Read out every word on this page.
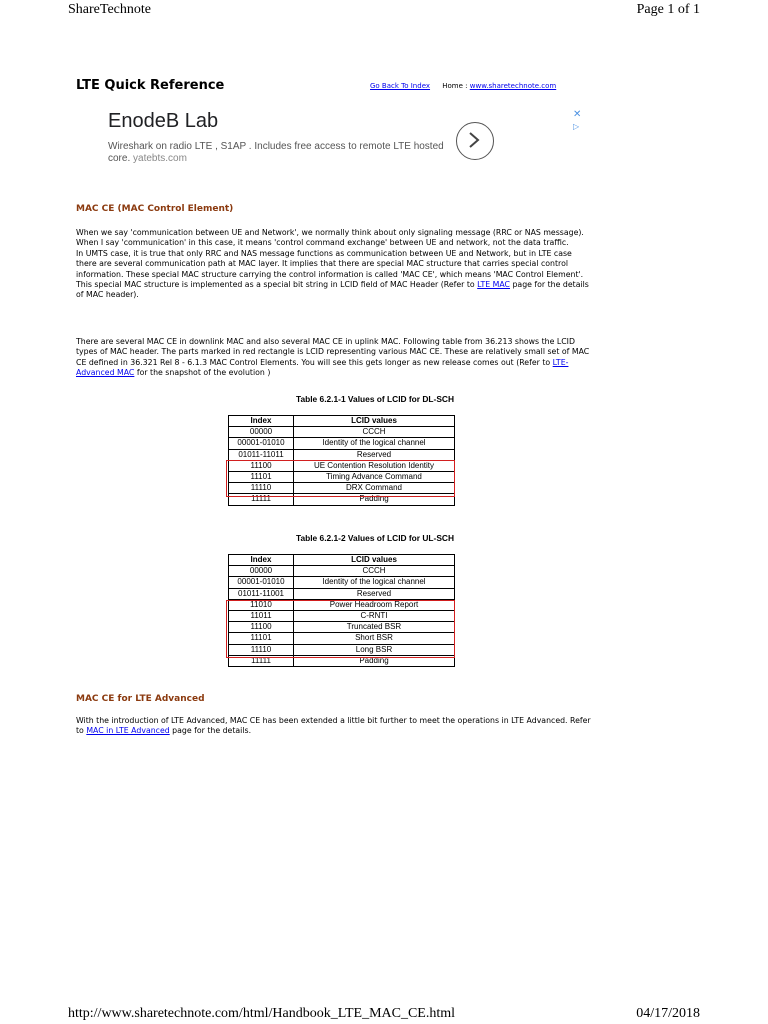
ShareTechnote	Page 1 of 1
LTE Quick Reference	Go Back To Index Home : www.sharetechnote.com
EnodeB Lab
Wireshark on radio LTE , S1AP . Includes free access to remote LTE hosted core. yatebts.com
✕
▷
MAC CE (MAC Control Element)
When we say 'communication between UE and Network', we normally think about only signaling message (RRC or NAS message). When I say 'communication' in this case, it means 'control command exchange' between UE and network, not the data traffic.
In UMTS case, it is true that only RRC and NAS message functions as communication between UE and Network, but in LTE case there are several communication path at MAC layer. It implies that there are special MAC structure that carries special control information. These special MAC structure carrying the control information is called 'MAC CE', which means 'MAC Control Element'.
This special MAC structure is implemented as a special bit string in LCID field of MAC Header (Refer to LTE MAC page for the details of MAC header).
There are several MAC CE in downlink MAC and also several MAC CE in uplink MAC. Following table from 36.213 shows the LCID types of MAC header. The parts marked in red rectangle is LCID representing various MAC CE. These are relatively small set of MAC CE defined in 36.321 Rel 8 - 6.1.3 MAC Control Elements. You will see this gets longer as new release comes out (Refer to LTE-Advanced MAC for the snapshot of the evolution )
Table 6.2.1-1 Values of LCID for DL-SCH
Index	LCID values
00000	CCCH
00001-01010	Identity of the logical channel
01011-11011	Reserved
11100	UE Contention Resolution Identity
11101	Timing Advance Command
11110	DRX Command
11111	Padding
Table 6.2.1-2 Values of LCID for UL-SCH
Index	LCID values
00000	CCCH
00001-01010	Identity of the logical channel
01011-11001	Reserved
11010	Power Headroom Report
11011	C-RNTI
11100	Truncated BSR
11101	Short BSR
11110	Long BSR
11111	Padding
MAC CE for LTE Advanced
With the introduction of LTE Advanced, MAC CE has been extended a little bit further to meet the operations in LTE Advanced. Refer to MAC in LTE Advanced page for the details.
http://www.sharetechnote.com/html/Handbook_LTE_MAC_CE.html	04/17/2018
